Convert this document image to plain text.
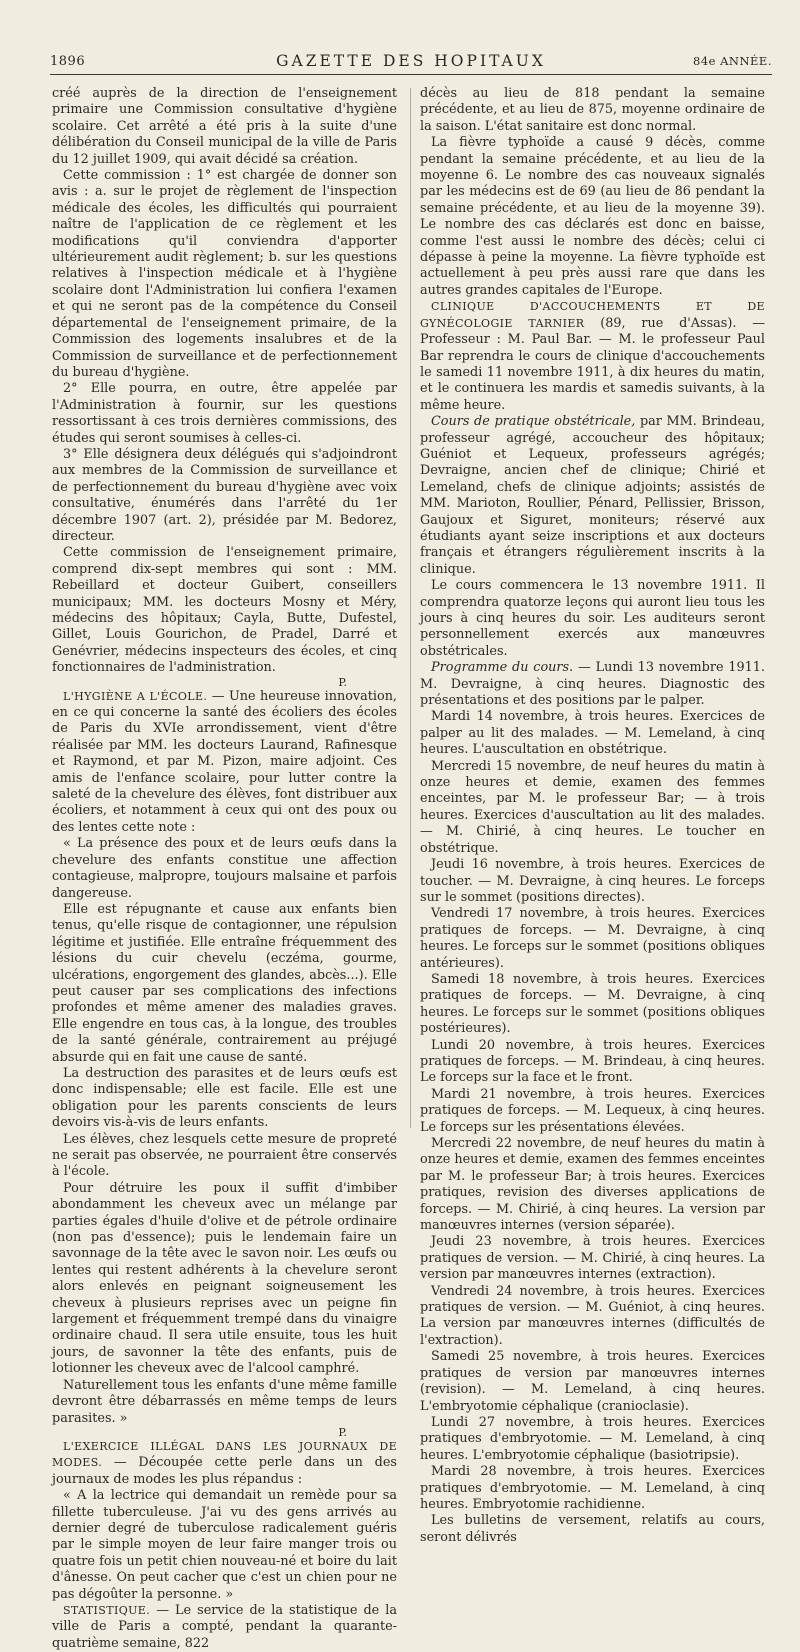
1896	GAZETTE DES HOPITAUX	84e ANNÉE.

créé auprès de la direction de l'enseignement primaire une Commission consultative d'hygiène scolaire. Cet arrêté a été pris à la suite d'une délibération du Conseil municipal de la ville de Paris du 12 juillet 1909, qui avait décidé sa création.

Cette commission : 1° est chargée de donner son avis : a. sur le projet de règlement de l'inspection médicale des écoles, les difficultés qui pourraient naître de l'application de ce règlement et les modifications qu'il conviendra d'apporter ultérieurement audit règlement; b. sur les questions relatives à l'inspection médicale et à l'hygiène scolaire dont l'Administration lui confiera l'examen et qui ne seront pas de la compétence du Conseil départemental de l'enseignement primaire, de la Commission des logements insalubres et de la Commission de surveillance et de perfectionnement du bureau d'hygiène.

2° Elle pourra, en outre, être appelée par l'Administration à fournir, sur les questions ressortissant à ces trois dernières commissions, des études qui seront soumises à celles-ci.

3° Elle désignera deux délégués qui s'adjoindront aux membres de la Commission de surveillance et de perfectionnement du bureau d'hygiène avec voix consultative, énumérés dans l'arrêté du 1er décembre 1907 (art. 2), présidée par M. Bedorez, directeur.

Cette commission de l'enseignement primaire, comprend dix-sept membres qui sont : MM. Rebeillard et docteur Guibert, conseillers municipaux; MM. les docteurs Mosny et Méry, médecins des hôpitaux; Cayla, Butte, Dufestel, Gillet, Louis Gourichon, de Pradel, Darré et Genévrier, médecins inspecteurs des écoles, et cinq fonctionnaires de l'administration.

P.

L'HYGIÈNE A L'ÉCOLE. — Une heureuse innovation, en ce qui concerne la santé des écoliers des écoles de Paris du XVIe arrondissement, vient d'être réalisée par MM. les docteurs Laurand, Rafinesque et Raymond, et par M. Pizon, maire adjoint. Ces amis de l'enfance scolaire, pour lutter contre la saleté de la chevelure des élèves, font distribuer aux écoliers, et notamment à ceux qui ont des poux ou des lentes cette note :

« La présence des poux et de leurs œufs dans la chevelure des enfants constitue une affection contagieuse, malpropre, toujours malsaine et parfois dangereuse.

Elle est répugnante et cause aux enfants bien tenus, qu'elle risque de contagionner, une répulsion légitime et justifiée. Elle entraîne fréquemment des lésions du cuir chevelu (eczéma, gourme, ulcérations, engorgement des glandes, abcès...). Elle peut causer par ses complications des infections profondes et même amener des maladies graves. Elle engendre en tous cas, à la longue, des troubles de la santé générale, contrairement au préjugé absurde qui en fait une cause de santé.

La destruction des parasites et de leurs œufs est donc indispensable; elle est facile. Elle est une obligation pour les parents conscients de leurs devoirs vis-à-vis de leurs enfants.

Les élèves, chez lesquels cette mesure de propreté ne serait pas observée, ne pourraient être conservés à l'école.

Pour détruire les poux il suffit d'imbiber abondamment les cheveux avec un mélange par parties égales d'huile d'olive et de pétrole ordinaire (non pas d'essence); puis le lendemain faire un savonnage de la tête avec le savon noir. Les œufs ou lentes qui restent adhérents à la chevelure seront alors enlevés en peignant soigneusement les cheveux à plusieurs reprises avec un peigne fin largement et fréquemment trempé dans du vinaigre ordinaire chaud. Il sera utile ensuite, tous les huit jours, de savonner la tête des enfants, puis de lotionner les cheveux avec de l'alcool camphré.

Naturellement tous les enfants d'une même famille devront être débarrassés en même temps de leurs parasites. »

P.

L'EXERCICE ILLÉGAL DANS LES JOURNAUX DE MODES. — Découpée cette perle dans un des journaux de modes les plus répandus :

« A la lectrice qui demandait un remède pour sa fillette tuberculeuse. J'ai vu des gens arrivés au dernier degré de tuberculose radicalement guéris par le simple moyen de leur faire manger trois ou quatre fois un petit chien nouveau-né et boire du lait d'ânesse. On peut cacher que c'est un chien pour ne pas dégoûter la personne. »

STATISTIQUE. — Le service de la statistique de la ville de Paris a compté, pendant la quarante-quatrième semaine, 822

décès au lieu de 818 pendant la semaine précédente, et au lieu de 875, moyenne ordinaire de la saison. L'état sanitaire est donc normal.

La fièvre typhoïde a causé 9 décès, comme pendant la semaine précédente, et au lieu de la moyenne 6. Le nombre des cas nouveaux signalés par les médecins est de 69 (au lieu de 86 pendant la semaine précédente, et au lieu de la moyenne 39). Le nombre des cas déclarés est donc en baisse, comme l'est aussi le nombre des décès; celui ci dépasse à peine la moyenne. La fièvre typhoïde est actuellement à peu près aussi rare que dans les autres grandes capitales de l'Europe.

CLINIQUE D'ACCOUCHEMENTS ET DE GYNÉCOLOGIE TARNIER (89, rue d'Assas). — Professeur : M. Paul Bar. — M. le professeur Paul Bar reprendra le cours de clinique d'accouchements le samedi 11 novembre 1911, à dix heures du matin, et le continuera les mardis et samedis suivants, à la même heure.

Cours de pratique obstétricale, par MM. Brindeau, professeur agrégé, accoucheur des hôpitaux; Guéniot et Lequeux, professeurs agrégés; Devraigne, ancien chef de clinique; Chirié et Lemeland, chefs de clinique adjoints; assistés de MM. Marioton, Roullier, Pénard, Pellissier, Brisson, Gaujoux et Siguret, moniteurs; réservé aux étudiants ayant seize inscriptions et aux docteurs français et étrangers régulièrement inscrits à la clinique.

Le cours commencera le 13 novembre 1911. Il comprendra quatorze leçons qui auront lieu tous les jours à cinq heures du soir. Les auditeurs seront personnellement exercés aux manœuvres obstétricales.

Programme du cours. — Lundi 13 novembre 1911. M. Devraigne, à cinq heures. Diagnostic des présentations et des positions par le palper.

Mardi 14 novembre, à trois heures. Exercices de palper au lit des malades. — M. Lemeland, à cinq heures. L'auscultation en obstétrique.

Mercredi 15 novembre, de neuf heures du matin à onze heures et demie, examen des femmes enceintes, par M. le professeur Bar; — à trois heures. Exercices d'auscultation au lit des malades. — M. Chirié, à cinq heures. Le toucher en obstétrique.

Jeudi 16 novembre, à trois heures. Exercices de toucher. — M. Devraigne, à cinq heures. Le forceps sur le sommet (positions directes).

Vendredi 17 novembre, à trois heures. Exercices pratiques de forceps. — M. Devraigne, à cinq heures. Le forceps sur le sommet (positions obliques antérieures).

Samedi 18 novembre, à trois heures. Exercices pratiques de forceps. — M. Devraigne, à cinq heures. Le forceps sur le sommet (positions obliques postérieures).

Lundi 20 novembre, à trois heures. Exercices pratiques de forceps. — M. Brindeau, à cinq heures. Le forceps sur la face et le front.

Mardi 21 novembre, à trois heures. Exercices pratiques de forceps. — M. Lequeux, à cinq heures. Le forceps sur les présentations élevées.

Mercredi 22 novembre, de neuf heures du matin à onze heures et demie, examen des femmes enceintes par M. le professeur Bar; à trois heures. Exercices pratiques, revision des diverses applications de forceps. — M. Chirié, à cinq heures. La version par manœuvres internes (version séparée).

Jeudi 23 novembre, à trois heures. Exercices pratiques de version. — M. Chirié, à cinq heures. La version par manœuvres internes (extraction).

Vendredi 24 novembre, à trois heures. Exercices pratiques de version. — M. Guéniot, à cinq heures. La version par manœuvres internes (difficultés de l'extraction).

Samedi 25 novembre, à trois heures. Exercices pratiques de version par manœuvres internes (revision). — M. Lemeland, à cinq heures. L'embryotomie céphalique (cranioclasie).

Lundi 27 novembre, à trois heures. Exercices pratiques d'embryotomie. — M. Lemeland, à cinq heures. L'embryotomie céphalique (basiotripsie).

Mardi 28 novembre, à trois heures. Exercices pratiques d'embryotomie. — M. Lemeland, à cinq heures. Embryotomie rachidienne.

Les bulletins de versement, relatifs au cours, seront délivrés
